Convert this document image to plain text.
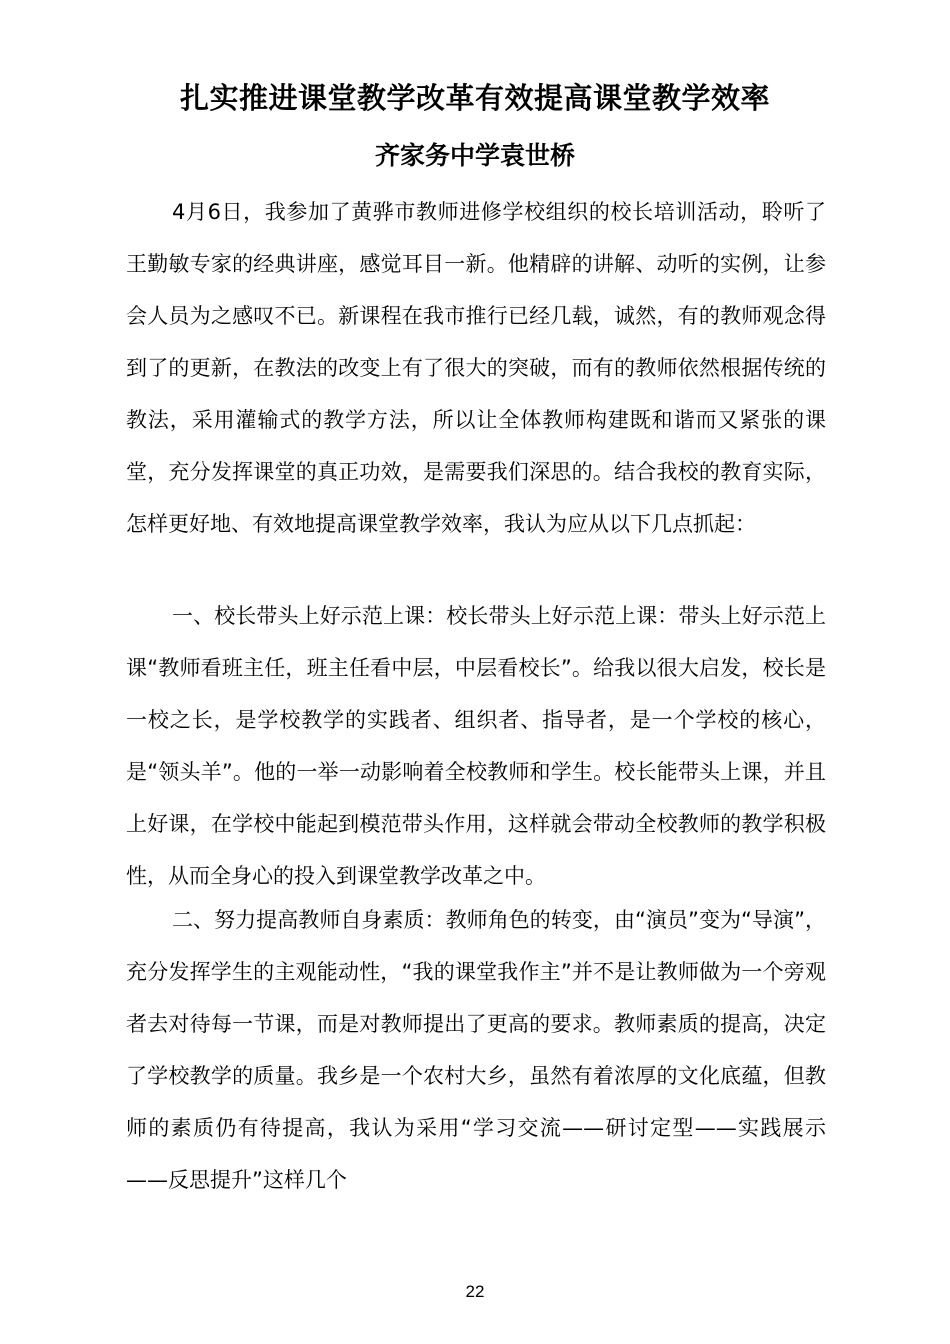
扎实推进课堂教学改革有效提高课堂教学效率
齐家务中学袁世桥

4月6日，我参加了黄骅市教师进修学校组织的校长培训活动，聆听了王勤敏专家的经典讲座，感觉耳目一新。他精辟的讲解、动听的实例，让参会人员为之感叹不已。新课程在我市推行已经几载，诚然，有的教师观念得到了的更新，在教法的改变上有了很大的突破，而有的教师依然根据传统的教法，采用灌输式的教学方法，所以让全体教师构建既和谐而又紧张的课堂，充分发挥课堂的真正功效，是需要我们深思的。结合我校的教育实际，怎样更好地、有效地提高课堂教学效率，我认为应从以下几点抓起：

一、校长带头上好示范上课：校长带头上好示范上课：带头上好示范上课“教师看班主任，班主任看中层，中层看校长”。给我以很大启发，校长是一校之长，是学校教学的实践者、组织者、指导者，是一个学校的核心，是“领头羊”。他的一举一动影响着全校教师和学生。校长能带头上课，并且上好课，在学校中能起到模范带头作用，这样就会带动全校教师的教学积极性，从而全身心的投入到课堂教学改革之中。

二、努力提高教师自身素质：教师角色的转变，由“演员”变为“导演”，充分发挥学生的主观能动性，“我的课堂我作主”并不是让教师做为一个旁观者去对待每一节课，而是对教师提出了更高的要求。教师素质的提高，决定了学校教学的质量。我乡是一个农村大乡，虽然有着浓厚的文化底蕴，但教师的素质仍有待提高，我认为采用“学习交流——研讨定型——实践展示——反思提升”这样几个

22
